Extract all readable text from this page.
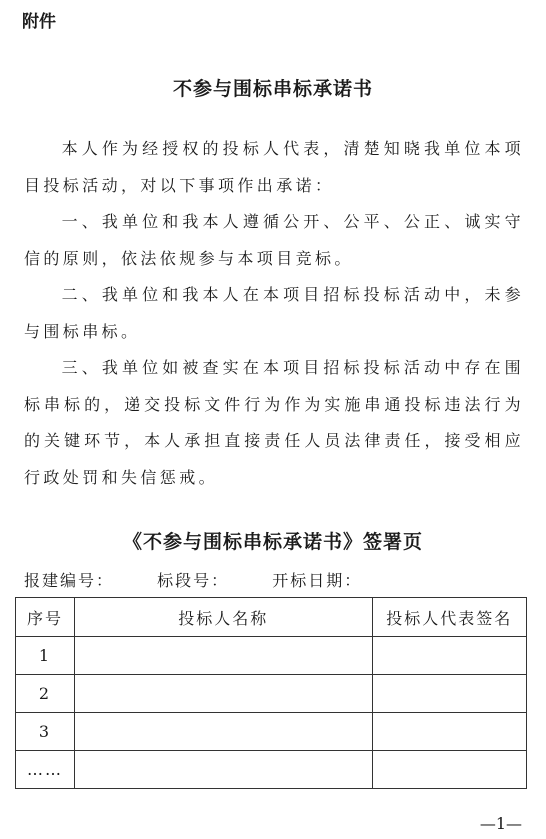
附件
不参与围标串标承诺书

本人作为经授权的投标人代表，清楚知晓我单位本项目投标活动，对以下事项作出承诺：

一、我单位和我本人遵循公开、公平、公正、诚实守信的原则，依法依规参与本项目竞标。

二、我单位和我本人在本项目招标投标活动中，未参与围标串标。

三、我单位如被查实在本项目招标投标活动中存在围标串标的，递交投标文件行为作为实施串通投标违法行为的关键环节，本人承担直接责任人员法律责任，接受相应行政处罚和失信惩戒。

《不参与围标串标承诺书》签署页
报建编号：	标段号：	开标日期：
序号	投标人名称	投标人代表签名
1		
2		
3		
……		
—1—
